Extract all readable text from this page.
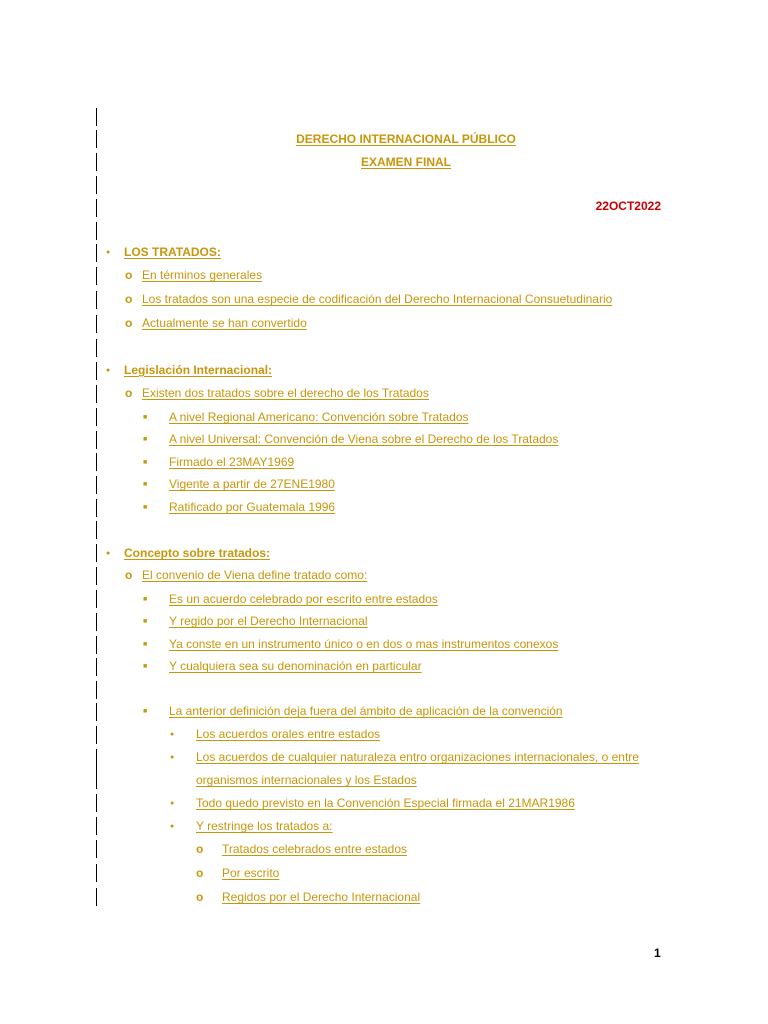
DERECHO INTERNACIONAL PÚBLICO
EXAMEN FINAL
22OCT2022
● LOS TRATADOS:
o En términos generales
o Los tratados son una especie de codificación del Derecho Internacional Consuetudinario
o Actualmente se han convertido
● Legislación Internacional:
o Existen dos tratados sobre el derecho de los Tratados
■ A nivel Regional Americano: Convención sobre Tratados
■ A nivel Universal: Convención de Viena sobre el Derecho de los Tratados
■ Firmado el 23MAY1969
■ Vigente a partir de 27ENE1980
■ Ratificado por Guatemala 1996
● Concepto sobre tratados:
o El convenio de Viena define tratado como:
■ Es un acuerdo celebrado por escrito entre estados
■ Y regido por el Derecho Internacional
■ Ya conste en un instrumento único o en dos o mas instrumentos conexos
■ Y cualquiera sea su denominación en particular
■ La anterior definición deja fuera del ámbito de aplicación de la convención
● Los acuerdos orales entre estados
● Los acuerdos de cualquier naturaleza entro organizaciones internacionales, o entre
organismos internacionales y los Estados
● Todo quedo previsto en la Convención Especial firmada el 21MAR1986
● Y restringe los tratados a:
o Tratados celebrados entre estados
o Por escrito
o Regidos por el Derecho Internacional
1
